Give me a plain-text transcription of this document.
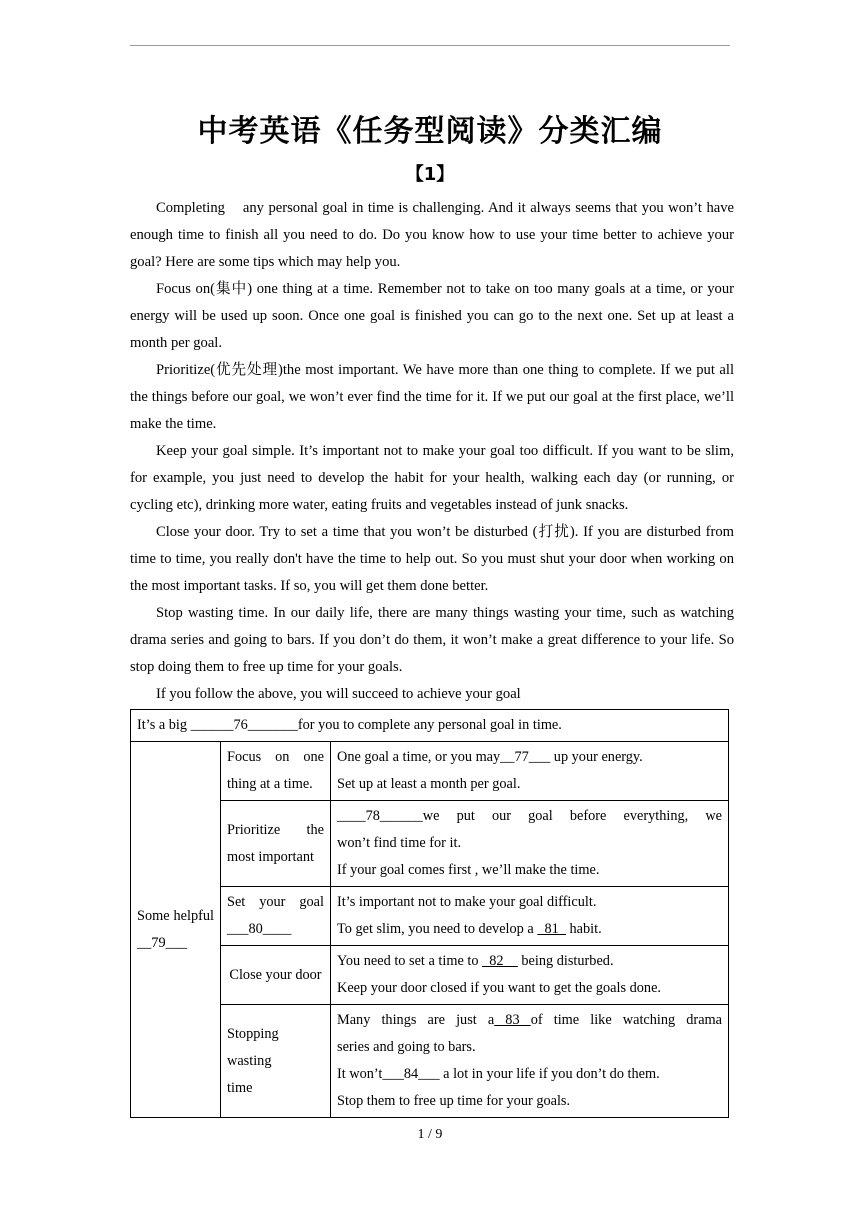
中考英语《任务型阅读》分类汇编
【1】

Completing    any personal goal in time is challenging. And it always seems that you won’t have enough time to finish all you need to do. Do you know how to use your time better to achieve your goal? Here are some tips which may help you.

Focus on(集中) one thing at a time. Remember not to take on too many goals at a time, or your energy will be used up soon. Once one goal is finished you can go to the next one. Set up at least a month per goal.

Prioritize(优先处理)the most important. We have more than one thing to complete. If we put all the things before our goal, we won’t ever find the time for it. If we put our goal at the first place, we’ll make the time.

Keep your goal simple. It’s important not to make your goal too difficult. If you want to be slim, for example, you just need to develop the habit for your health, walking each day (or running, or cycling etc), drinking more water, eating fruits and vegetables instead of junk snacks.

Close your door. Try to set a time that you won’t be disturbed (打扰). If you are disturbed from time to time, you really don't have the time to help out. So you must shut your door when working on the most important tasks. If so, you will get them done better.

Stop wasting time. In our daily life, there are many things wasting your time, such as watching drama series and going to bars. If you don’t do them, it won’t make a great difference to your life. So stop doing them to free up time for your goals.

If you follow the above, you will succeed to achieve your goal

It’s a big ______76_______for you to complete any personal goal in time.		

Some helpful
__79___	Focus on one
thing at a time.	One goal a time, or you may__77___ up your energy.
Set up at least a month per goal.

	Prioritize the
most important	____78______we put our goal before everything, we
won’t find time for it.
If your goal comes first , we’ll make the time.

	Set your goal
___80____	It’s important not to make your goal difficult.
To get slim, you need to develop a   81   habit.

	Close your door	You need to set a time to   82     being disturbed.
Keep your door closed if you want to get the goals done.

	Stopping wasting
time	Many things are just a 83 of time like watching drama
series and going to bars.
It won’t___84___ a lot in your life if you don’t do them.
Stop them to free up time for your goals.
1 / 9
